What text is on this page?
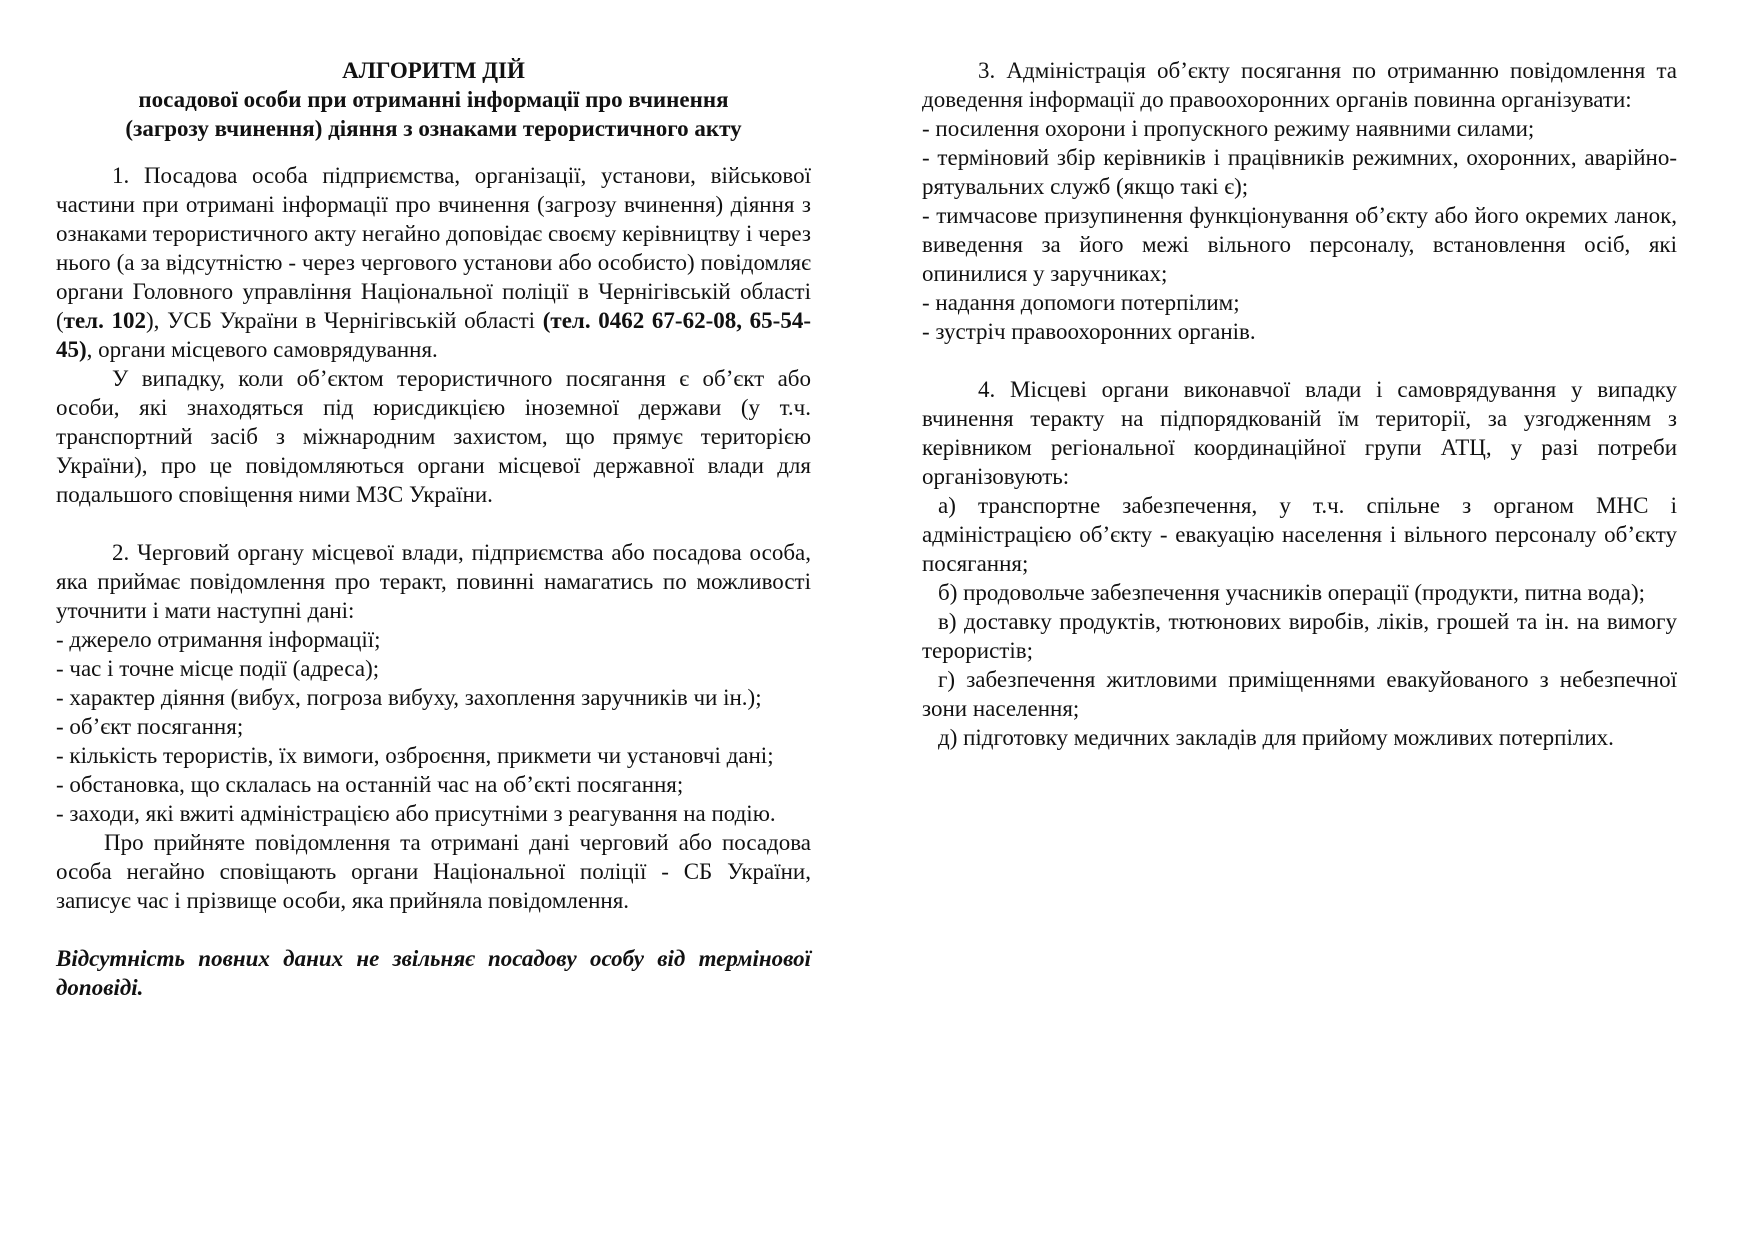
АЛГОРИТМ ДІЙ
посадової особи при отриманні інформації про вчинення
(загрозу вчинення) діяння з ознаками терористичного акту

1. Посадова особа підприємства, організації, установи, військової частини при отримані інформації про вчинення (загрозу вчинення) діяння з ознаками терористичного акту негайно доповідає своєму керівництву і через нього (а за відсутністю - через чергового установи або особисто) повідомляє органи Головного управління Національної поліції в Чернігівській області (тел. 102), УСБ України в Чернігівській області (тел. 0462 67-62-08, 65-54-45), органи місцевого самоврядування.

У випадку, коли об’єктом терористичного посягання є об’єкт або особи, які знаходяться під юрисдикцією іноземної держави (у т.ч. транспортний засіб з міжнародним захистом, що прямує територією України), про це повідомляються органи місцевої державної влади для подальшого сповіщення ними МЗС України.

2. Черговий органу місцевої влади, підприємства або посадова особа, яка приймає повідомлення про теракт, повинні намагатись по можливості уточнити і мати наступні дані:

- джерело отримання інформації;

- час і точне місце події (адреса);

- характер діяння (вибух, погроза вибуху, захоплення заручників чи ін.);

- об’єкт посягання;

- кількість терористів, їх вимоги, озброєння, прикмети чи установчі дані;

- обстановка, що склалась на останній час на об’єкті посягання;

- заходи, які вжиті адміністрацією або присутніми з реагування на подію.

Про прийняте повідомлення та отримані дані черговий або посадова особа негайно сповіщають органи Національної поліції - СБ України, записує час і прізвище особи, яка прийняла повідомлення.

Відсутність повних даних не звільняє посадову особу від термінової доповіді.

3. Адміністрація об’єкту посягання по отриманню повідомлення та доведення інформації до правоохоронних органів повинна організувати:

- посилення охорони і пропускного режиму наявними силами;

- терміновий збір керівників і працівників режимних, охоронних, аварійно-рятувальних служб (якщо такі є);

- тимчасове призупинення функціонування об’єкту або його окремих ланок, виведення за його межі вільного персоналу, встановлення осіб, які опинилися у заручниках;

- надання допомоги потерпілим;

- зустріч правоохоронних органів.

4. Місцеві органи виконавчої влади і самоврядування у випадку вчинення теракту на підпорядкованій їм території, за узгодженням з керівником регіональної координаційної групи АТЦ, у разі потреби організовують:

а) транспортне забезпечення, у т.ч. спільне з органом МНС і адміністрацією об’єкту - евакуацію населення і вільного персоналу об’єкту посягання;

б) продовольче забезпечення учасників операції (продукти, питна вода);

в) доставку продуктів, тютюнових виробів, ліків, грошей та ін. на вимогу терористів;

г) забезпечення житловими приміщеннями евакуйованого з небезпечної зони населення;

д) підготовку медичних закладів для прийому можливих потерпілих.
